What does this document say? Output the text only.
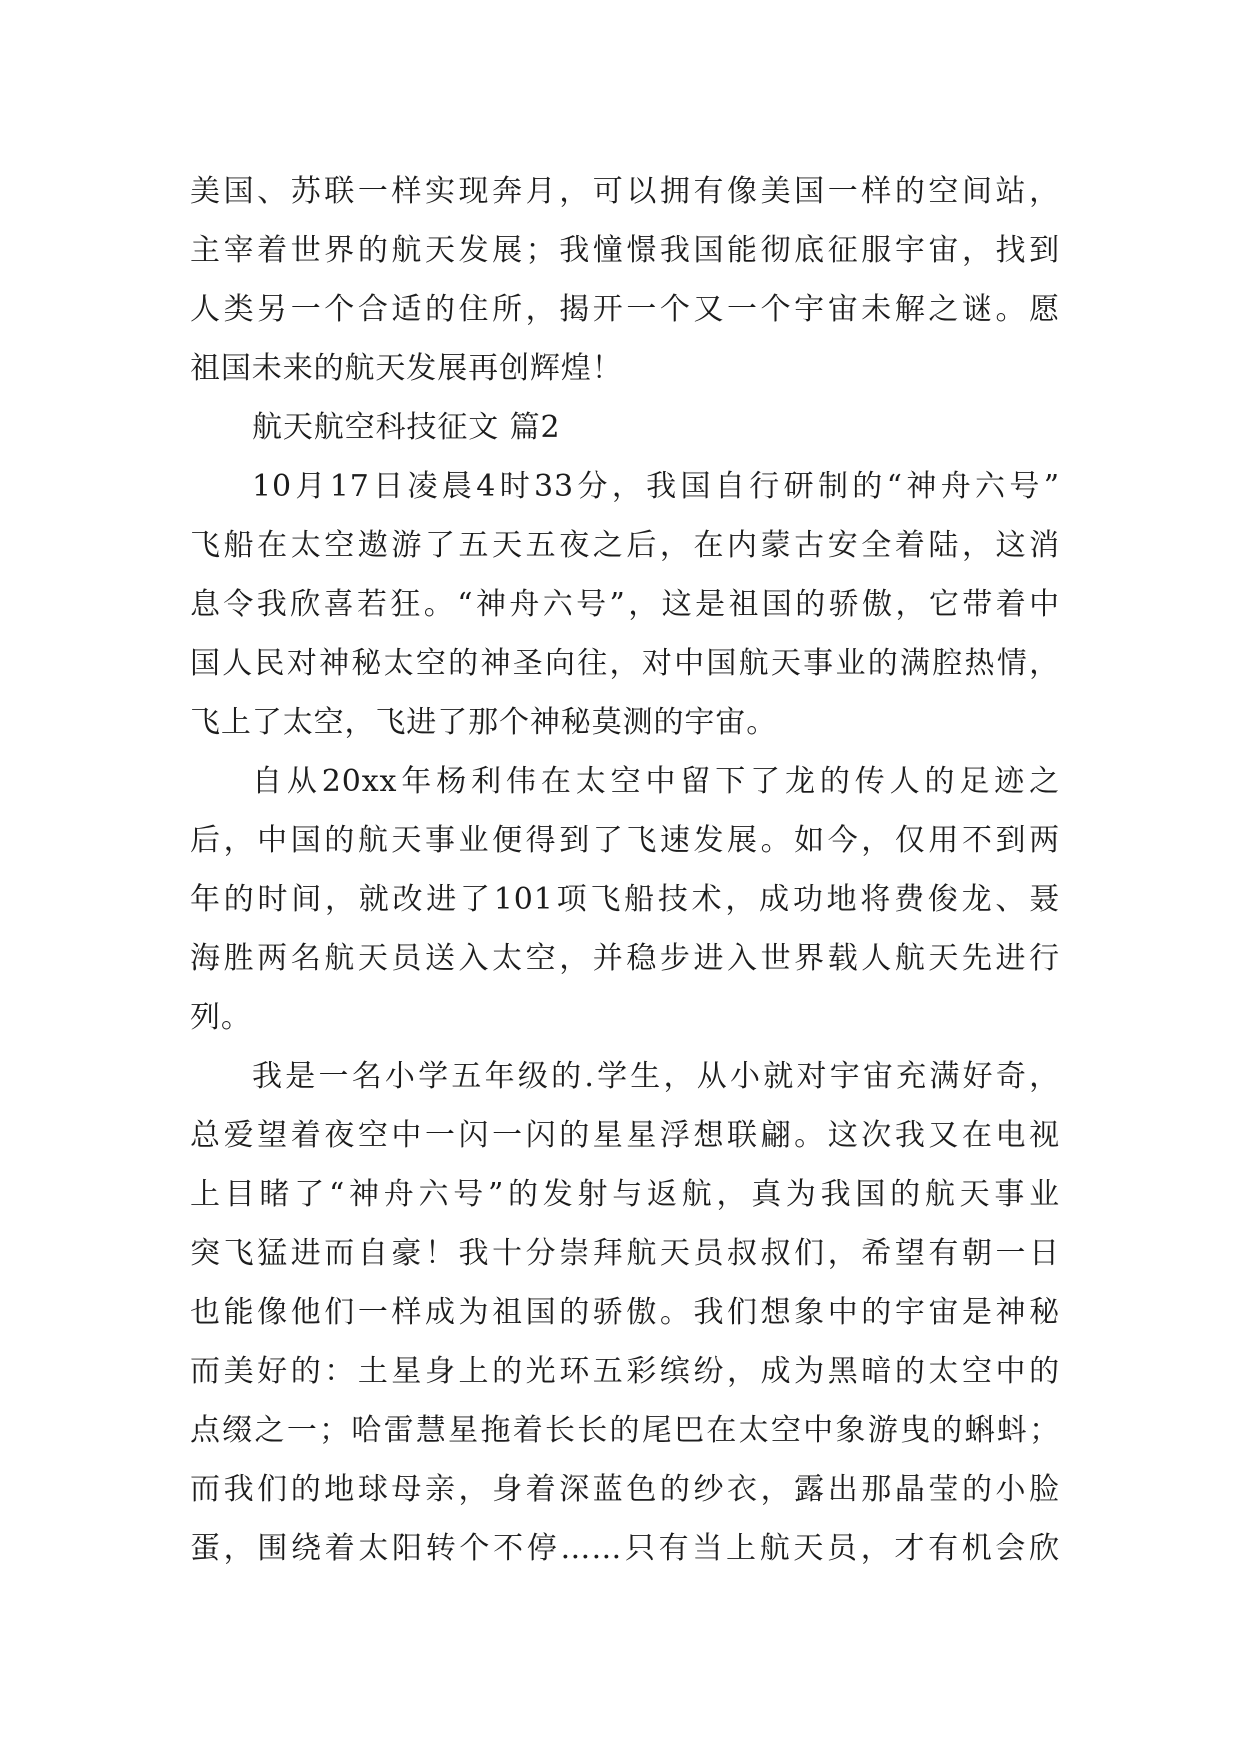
美国、苏联一样实现奔月，可以拥有像美国一样的空间站，
主宰着世界的航天发展；我憧憬我国能彻底征服宇宙，找到
人类另一个合适的住所，揭开一个又一个宇宙未解之谜。愿
祖国未来的航天发展再创辉煌！
航天航空科技征文 篇2
10月17日凌晨4时33分，我国自行研制的“神舟六号”
飞船在太空遨游了五天五夜之后，在内蒙古安全着陆，这消
息令我欣喜若狂。“神舟六号”，这是祖国的骄傲，它带着中
国人民对神秘太空的神圣向往，对中国航天事业的满腔热情，
飞上了太空，飞进了那个神秘莫测的宇宙。
自从20xx年杨利伟在太空中留下了龙的传人的足迹之
后，中国的航天事业便得到了飞速发展。如今，仅用不到两
年的时间，就改进了101项飞船技术，成功地将费俊龙、聂
海胜两名航天员送入太空，并稳步进入世界载人航天先进行
列。
我是一名小学五年级的.学生，从小就对宇宙充满好奇，
总爱望着夜空中一闪一闪的星星浮想联翩。这次我又在电视
上目睹了“神舟六号”的发射与返航，真为我国的航天事业
突飞猛进而自豪！我十分崇拜航天员叔叔们，希望有朝一日
也能像他们一样成为祖国的骄傲。我们想象中的宇宙是神秘
而美好的：土星身上的光环五彩缤纷，成为黑暗的太空中的
点缀之一；哈雷慧星拖着长长的尾巴在太空中象游曳的蝌蚪；
而我们的地球母亲，身着深蓝色的纱衣，露出那晶莹的小脸
蛋，围绕着太阳转个不停……只有当上航天员，才有机会欣
